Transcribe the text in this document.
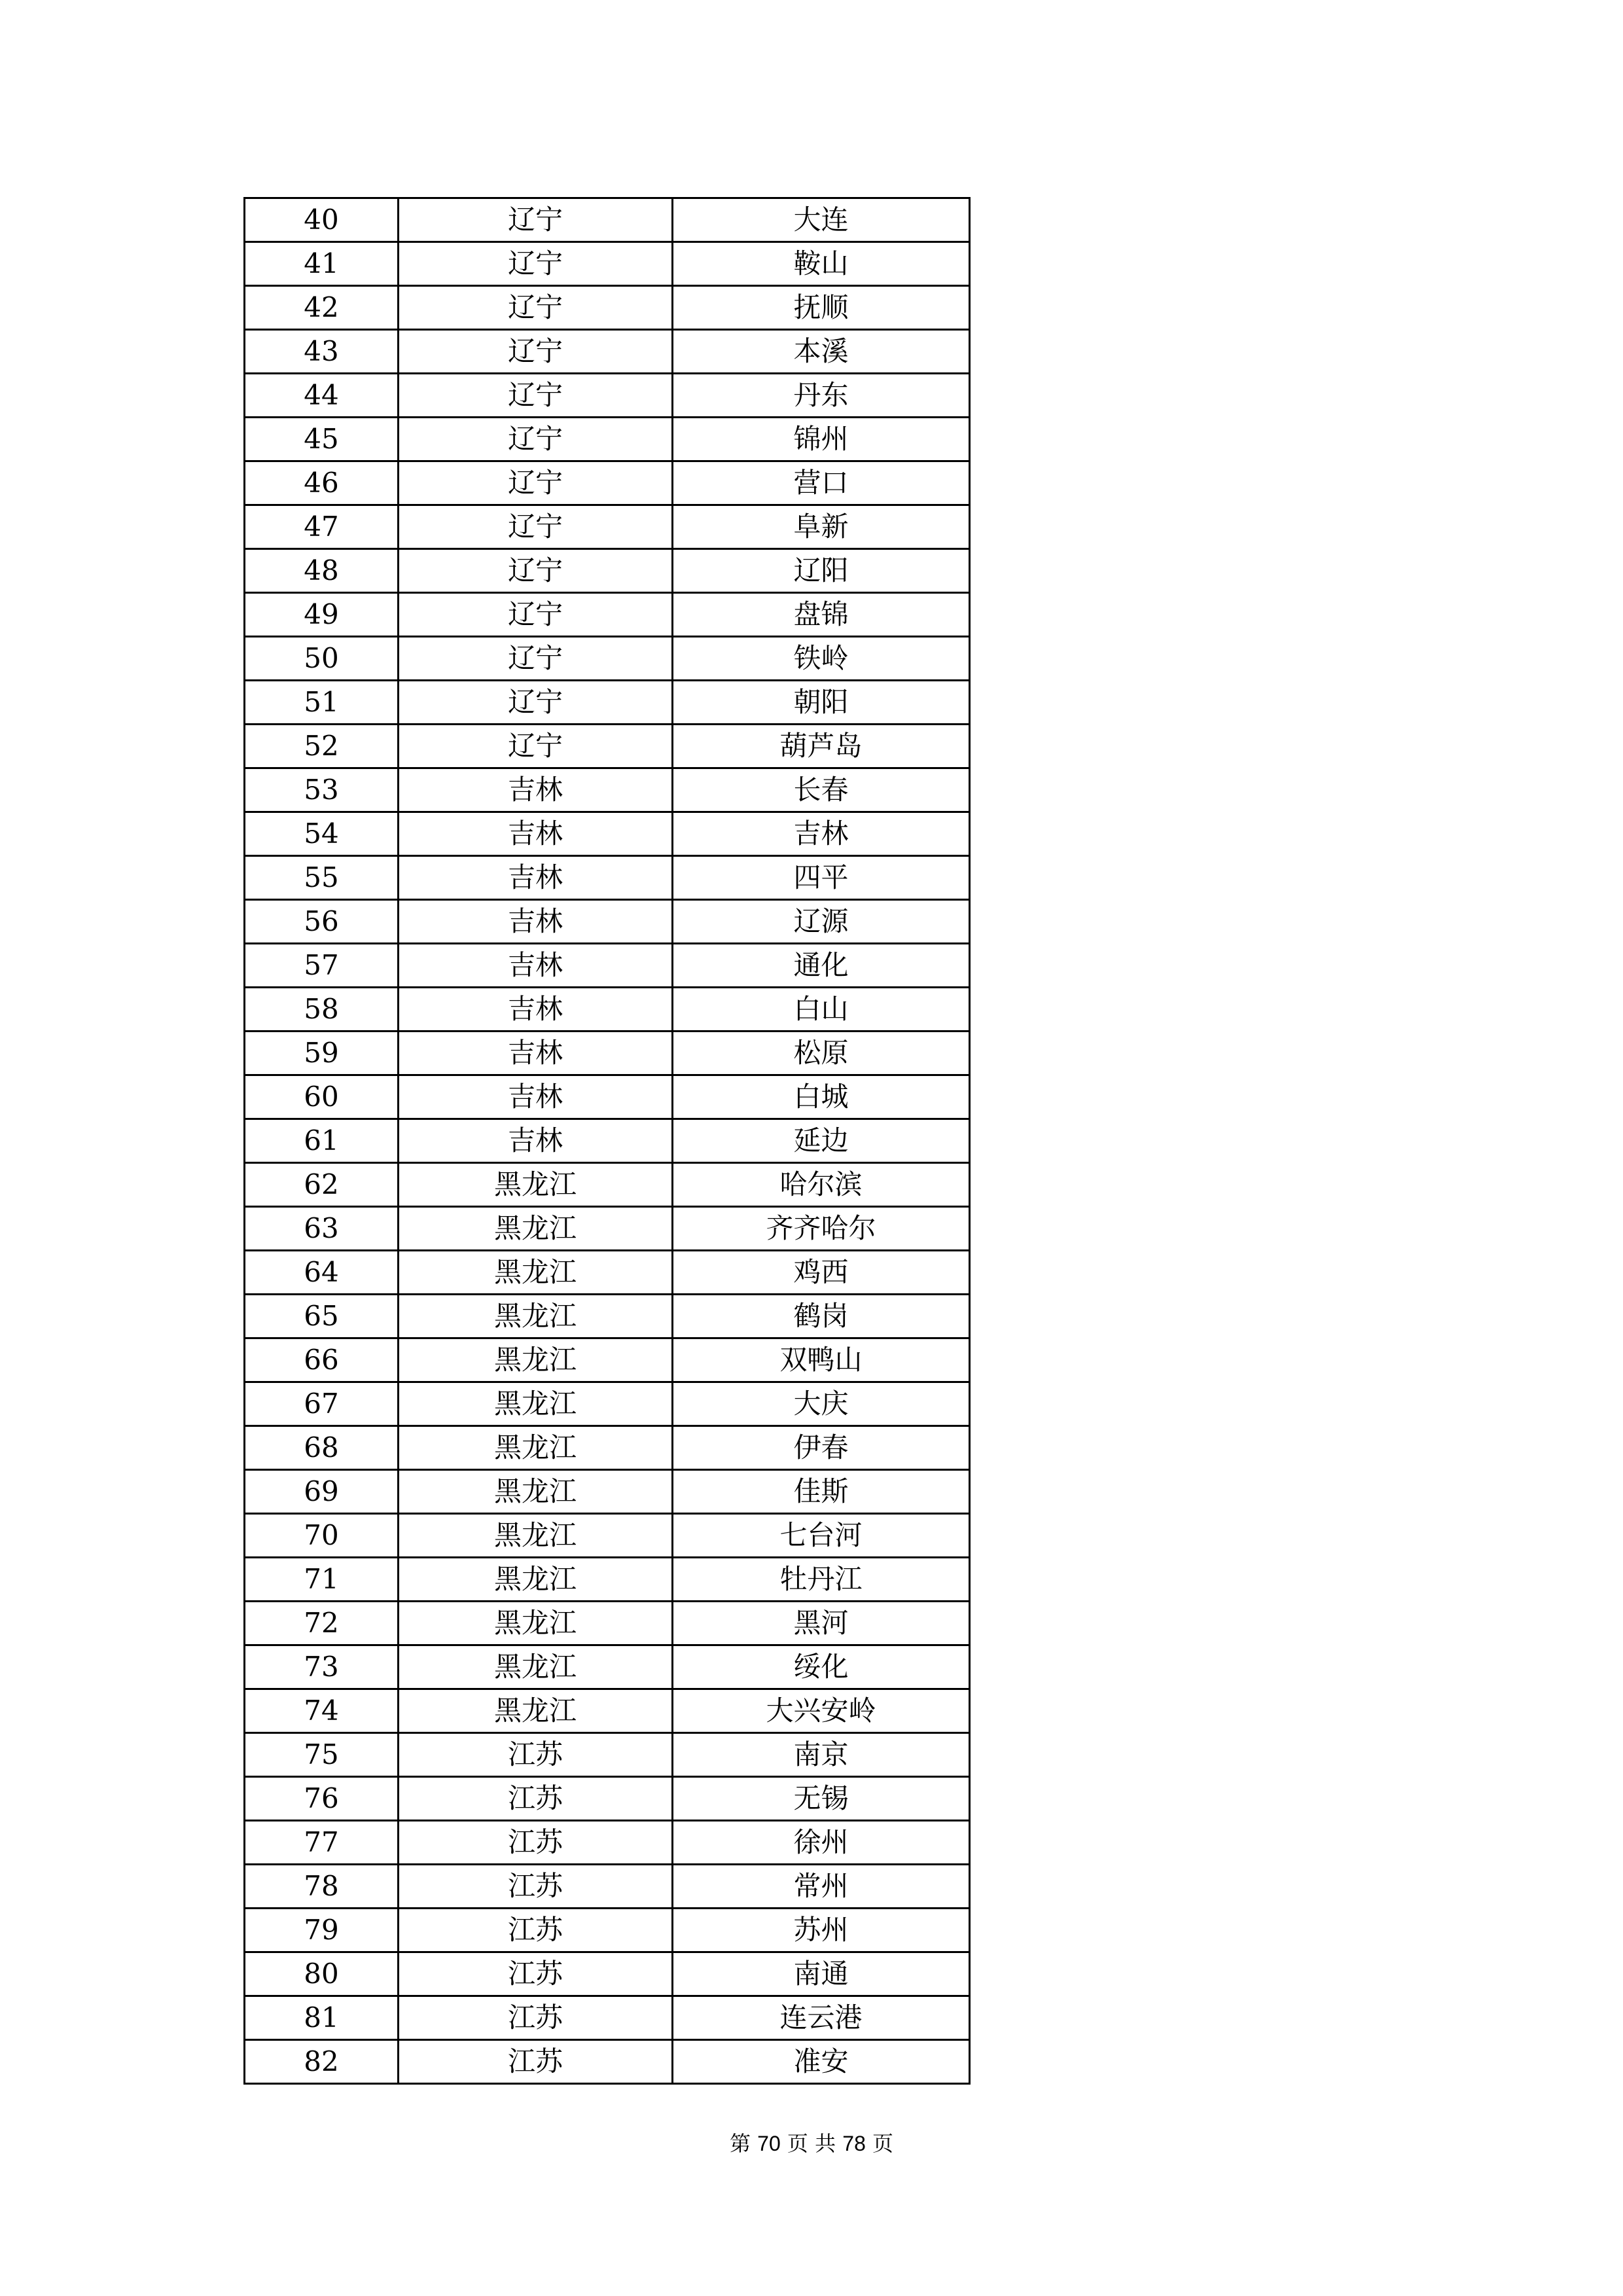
40	辽宁	大连
41	辽宁	鞍山
42	辽宁	抚顺
43	辽宁	本溪
44	辽宁	丹东
45	辽宁	锦州
46	辽宁	营口
47	辽宁	阜新
48	辽宁	辽阳
49	辽宁	盘锦
50	辽宁	铁岭
51	辽宁	朝阳
52	辽宁	葫芦岛
53	吉林	长春
54	吉林	吉林
55	吉林	四平
56	吉林	辽源
57	吉林	通化
58	吉林	白山
59	吉林	松原
60	吉林	白城
61	吉林	延边
62	黑龙江	哈尔滨
63	黑龙江	齐齐哈尔
64	黑龙江	鸡西
65	黑龙江	鹤岗
66	黑龙江	双鸭山
67	黑龙江	大庆
68	黑龙江	伊春
69	黑龙江	佳斯
70	黑龙江	七台河
71	黑龙江	牡丹江
72	黑龙江	黑河
73	黑龙江	绥化
74	黑龙江	大兴安岭
75	江苏	南京
76	江苏	无锡
77	江苏	徐州
78	江苏	常州
79	江苏	苏州
80	江苏	南通
81	江苏	连云港
82	江苏	准安
第 70 页 共 78 页
